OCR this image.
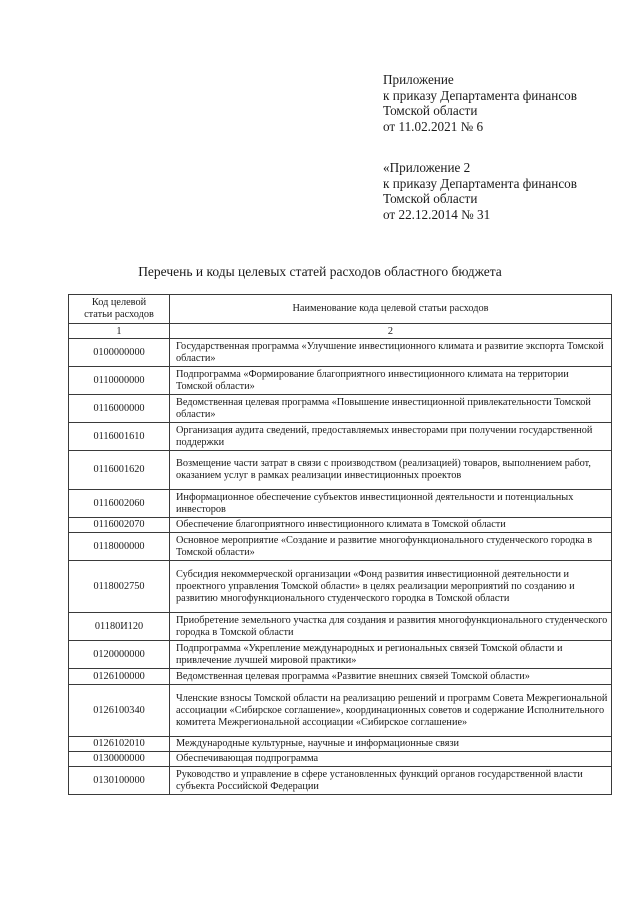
Приложение
к приказу Департамента финансов
Томской области
от 11.02.2021 № 6
«Приложение 2
к приказу Департамента финансов
Томской области
от 22.12.2014 № 31
Перечень и коды целевых статей расходов областного бюджета
Код целевой
статьи расходов	Наименование кода целевой статьи расходов
1	2
0100000000	Государственная программа «Улучшение инвестиционного климата и развитие экспорта Томской области»
0110000000	Подпрограмма «Формирование благоприятного инвестиционного климата на территории Томской области»
0116000000	Ведомственная целевая программа «Повышение инвестиционной привлекательности Томской области»
0116001610	Организация аудита сведений, предоставляемых инвесторами при получении государственной поддержки
0116001620	Возмещение части затрат в связи с производством (реализацией) товаров, выполнением работ, оказанием услуг в рамках реализации инвестиционных проектов
0116002060	Информационное обеспечение субъектов инвестиционной деятельности и потенциальных инвесторов
0116002070	Обеспечение благоприятного инвестиционного климата в Томской области
0118000000	Основное мероприятие «Создание и развитие многофункционального студенческого городка в Томской области»
0118002750	Субсидия некоммерческой организации «Фонд развития инвестиционной деятельности и проектного управления Томской области» в целях реализации мероприятий по созданию и развитию многофункционального студенческого городка в Томской области
01180И120	Приобретение земельного участка для создания и развития многофункционального студенческого городка в Томской области
0120000000	Подпрограмма «Укрепление международных и региональных связей Томской области и привлечение лучшей мировой практики»
0126100000	Ведомственная целевая программа «Развитие внешних связей Томской области»
0126100340	Членские взносы Томской области на реализацию решений и программ Совета Межрегиональной ассоциации «Сибирское соглашение», координационных советов и содержание Исполнительного комитета Межрегиональной ассоциации «Сибирское соглашение»
0126102010	Международные культурные, научные и информационные связи
0130000000	Обеспечивающая подпрограмма
0130100000	Руководство и управление в сфере установленных функций органов государственной власти субъекта Российской Федерации
